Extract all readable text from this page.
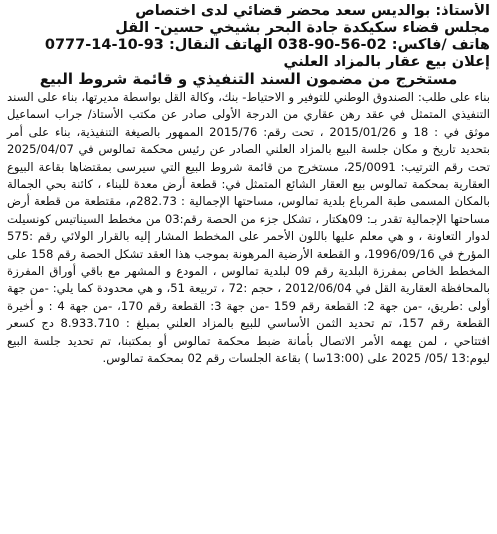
الأستاذ: بوالديس سعد محضر قضائي لدى اختصاص
مجلس قضاء سكيكدة جادة البحر بشيخي حسين- القل
هاتف /فاكس: 02-56-90-038 الهاتف النقال: 93-10-14-0777
إعلان بيع عقار بالمزاد العلني
مستخرج من مضمون السند التنفيذي و قائمة شروط البيع
بناء على طلب: الصندوق الوطني للتوفير و الاحتياط- بنك، وكالة القل بواسطة مديرتها، بناء على السند التنفيذي المتمثل في عقد رهن عقاري من الدرجة الأولى صادر عن مكتب الأستاذ/ جراب اسماعيل موثق في : 18 و 2015/01/26 ، تحت رقم: 2015/76 الممهور بالصيغة التنفيذية، بناء على أمر بتحديد تاريخ و مكان جلسة البيع بالمزاد العلني الصادر عن رئيس محكمة تمالوس في 2025/04/07 تحت رقم الترتيب: 25/0091، مستخرج من قائمة شروط البيع التي سيرسى بمقتضاها بقاعة البيوع العقارية بمحكمة تمالوس بيع العقار الشائع المتمثل في: قطعة أرض معدة للبناء ، كائنة بحي الجمالة بالمكان المسمى طبة المرباع بلدية تمالوس، مساحتها الإجمالية : 282.73م، مقتطعة من قطعة أرض مساحتها الإجمالية تقدر بـ: 09هكتار ، تشكل جزء من الحصة رقم:03 من مخطط السيناتيس كونسيلت لدوار التعاونة ، و هي معلم عليها باللون الأحمر على المخطط المشار إليه بالقرار الولائي رقم :575 المؤرخ في 1996/09/16، و القطعة الأرضية المرهونة بموجب هذا العقد تشكل الحصة رقم 158 على المخطط الخاص بمفرزة البلدية رقم 09 لبلدية تمالوس ، المودع و المشهر مع باقي أوراق المفرزة بالمحافظة العقارية القل في 2012/06/04 ، حجم :72 ، تربيعة 51، و هي محدودة كما يلي: -من جهة أولى :طريق، -من جهة 2: القطعة رقم 159 -من جهة 3: القطعة رقم 170، -من جهة 4 : و أخيرة القطعة رقم 157، تم تحديد الثمن الأساسي للبيع بالمزاد العلني بمبلغ : 8.933.710 دج كسعر افتتاحي ، لمن يهمه الأمر الاتصال بأمانة ضبط محكمة تمالوس أو بمكتبنا، تم تحديد جلسة البيع ليوم:13 /05/ 2025 على (13:00سا ) بقاعة الجلسات رقم 02 بمحكمة تمالوس.
